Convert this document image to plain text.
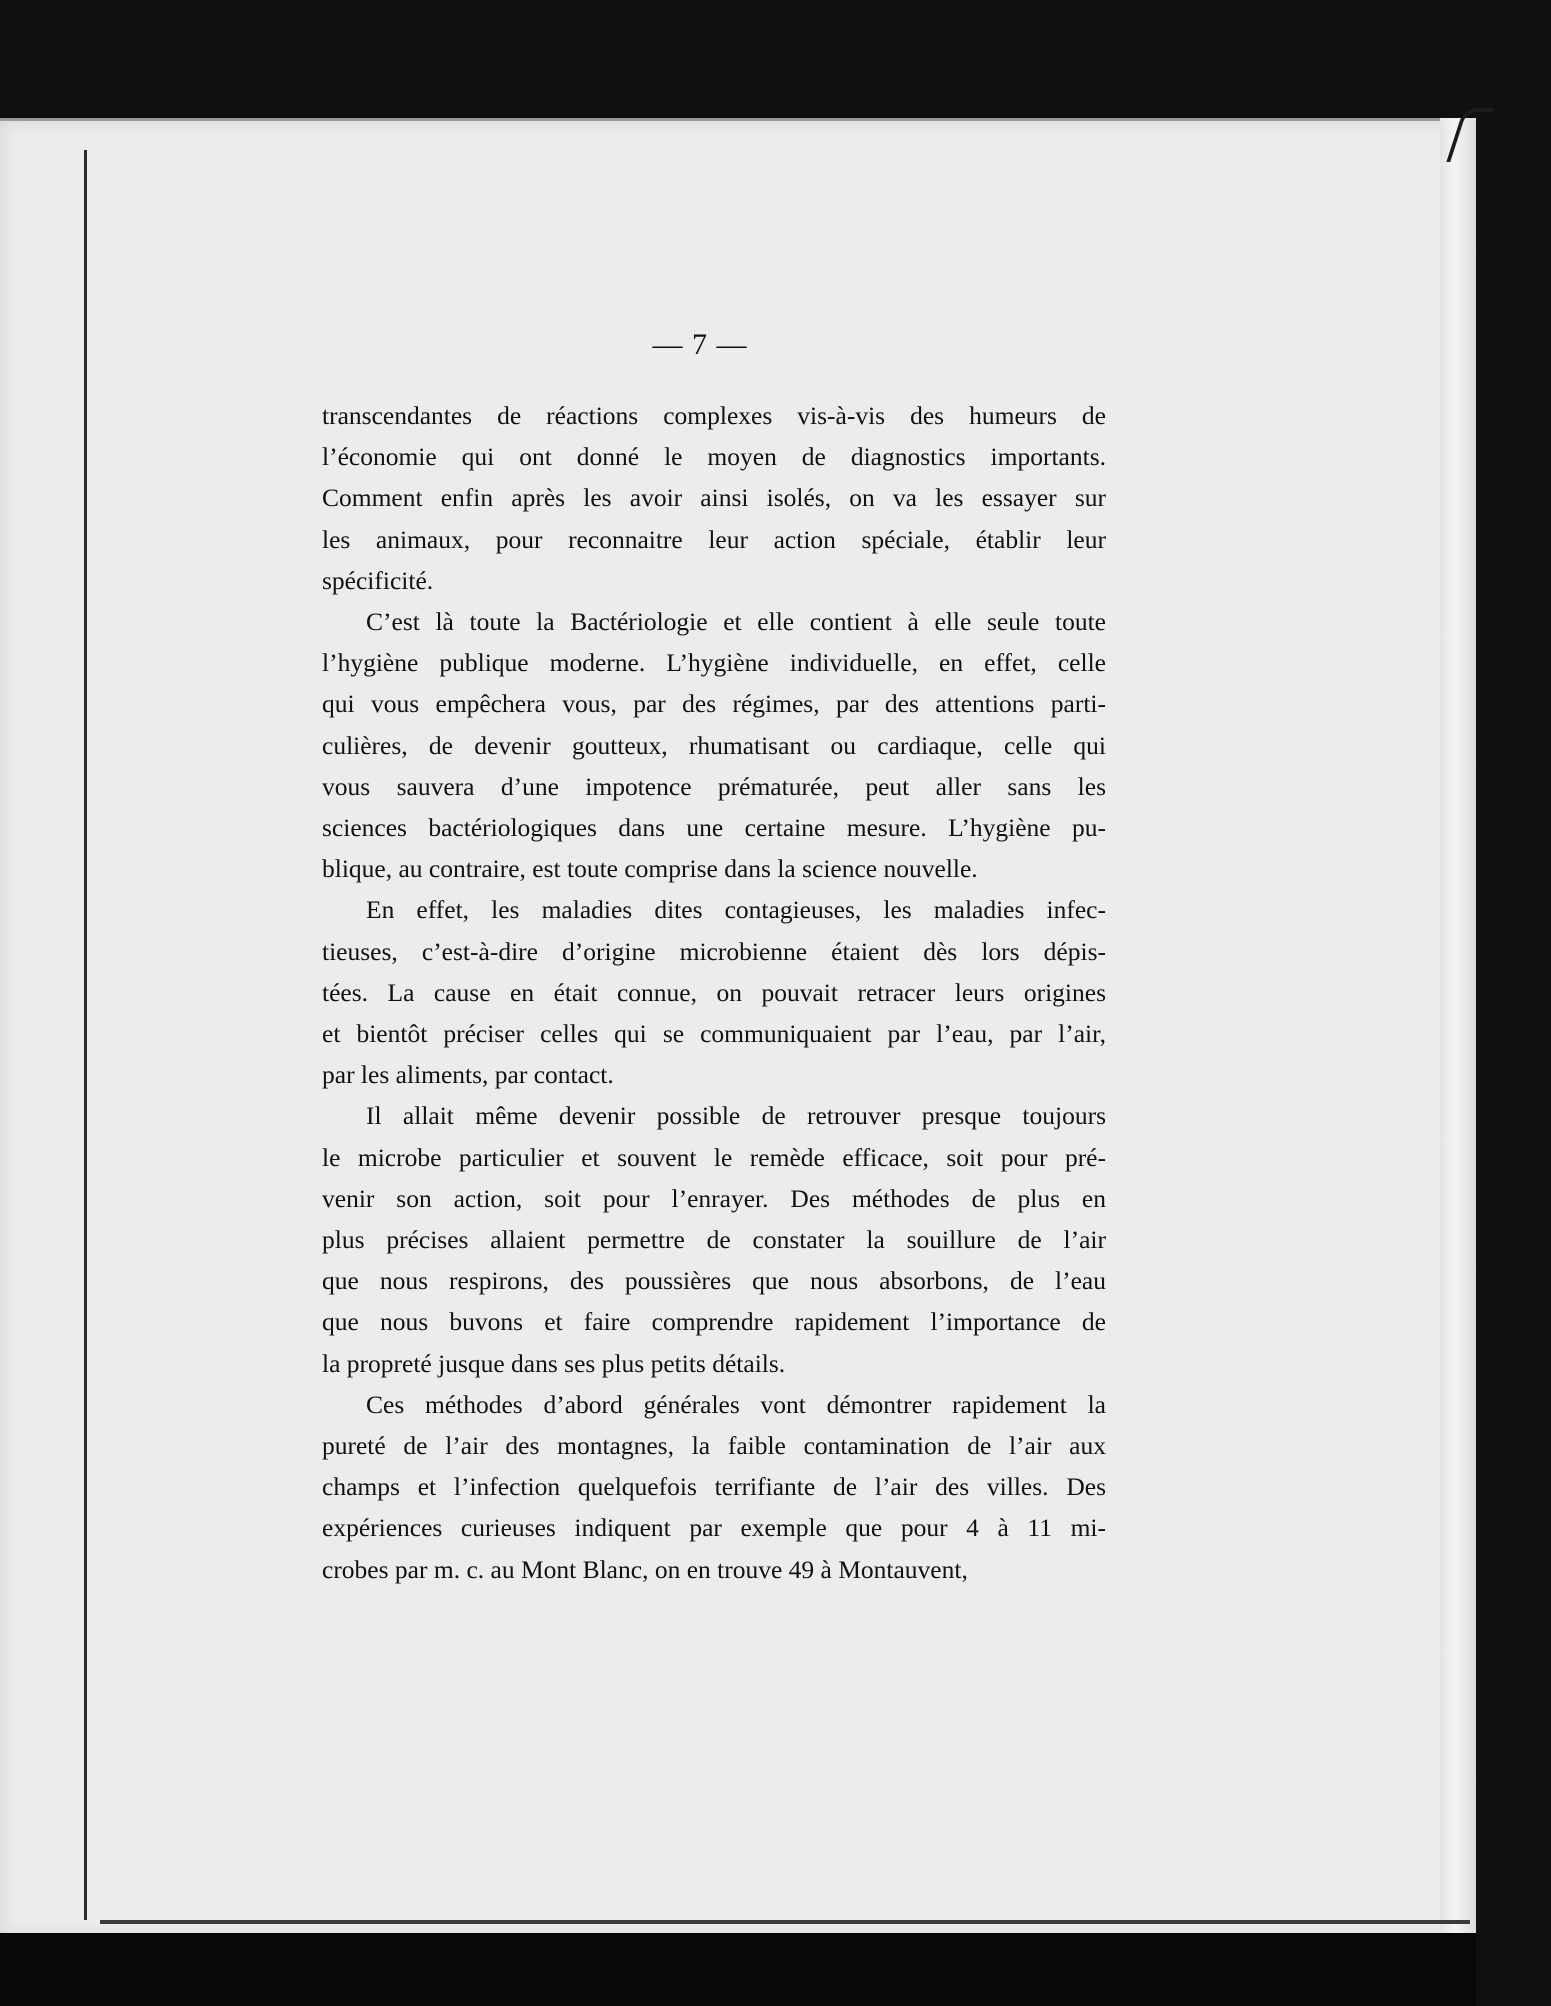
— 7 —
transcendantes de réactions complexes vis-à-vis des humeurs de
l’économie qui ont donné le moyen de diagnostics importants.
Comment enfin après les avoir ainsi isolés, on va les essayer sur
les animaux, pour reconnaitre leur action spéciale, établir leur
spécificité.
C’est là toute la Bactériologie et elle contient à elle seule toute
l’hygiène publique moderne. L’hygiène individuelle, en effet, celle
qui vous empêchera vous, par des régimes, par des attentions parti-
culières, de devenir goutteux, rhumatisant ou cardiaque, celle qui
vous sauvera d’une impotence prématurée, peut aller sans les
sciences bactériologiques dans une certaine mesure. L’hygiène pu-
blique, au contraire, est toute comprise dans la science nouvelle.
En effet, les maladies dites contagieuses, les maladies infec-
tieuses, c’est-à-dire d’origine microbienne étaient dès lors dépis-
tées. La cause en était connue, on pouvait retracer leurs origines
et bientôt préciser celles qui se communiquaient par l’eau, par l’air,
par les aliments, par contact.
Il allait même devenir possible de retrouver presque toujours
le microbe particulier et souvent le remède efficace, soit pour pré-
venir son action, soit pour l’enrayer. Des méthodes de plus en
plus précises allaient permettre de constater la souillure de l’air
que nous respirons, des poussières que nous absorbons, de l’eau
que nous buvons et faire comprendre rapidement l’importance de
la propreté jusque dans ses plus petits détails.
Ces méthodes d’abord générales vont démontrer rapidement la
pureté de l’air des montagnes, la faible contamination de l’air aux
champs et l’infection quelquefois terrifiante de l’air des villes. Des
expériences curieuses indiquent par exemple que pour 4 à 11 mi-
crobes par m. c. au Mont Blanc, on en trouve 49 à Montauvent,
